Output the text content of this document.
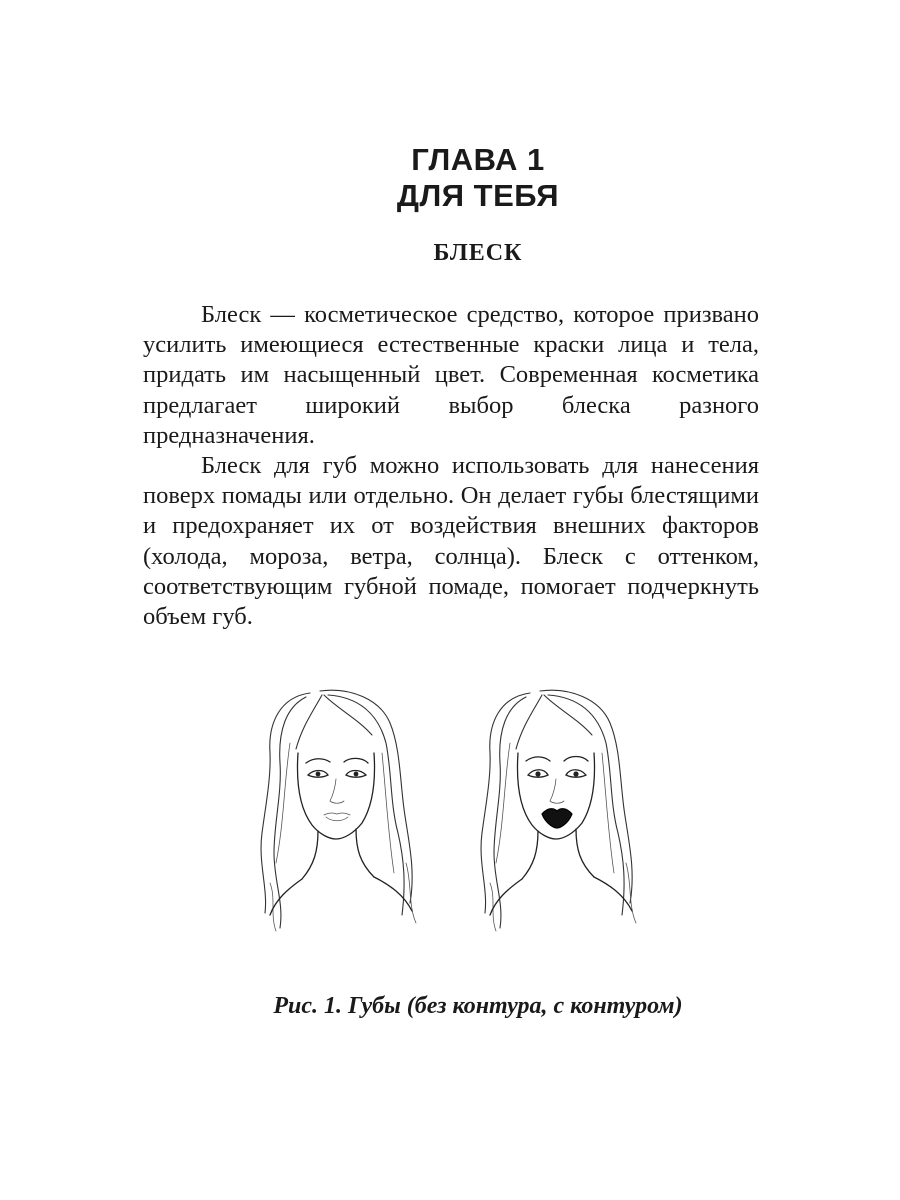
ГЛАВА 1
ДЛЯ ТЕБЯ
БЛЕСК

Блеск — косметическое средство, которое призвано усилить имеющиеся естественные краски лица и тела, придать им насыщенный цвет. Современная косметика предлагает широкий выбор блеска разного предназначения.

Блеск для губ можно использовать для нанесения поверх помады или отдельно. Он делает губы блестящими и предохраняет их от воздействия внешних факторов (холода, мороза, ветра, солнца). Блеск с оттенком, соответствующим губной помаде, помогает подчеркнуть объем губ.

Рис. 1. Губы (без контура, с контуром)
